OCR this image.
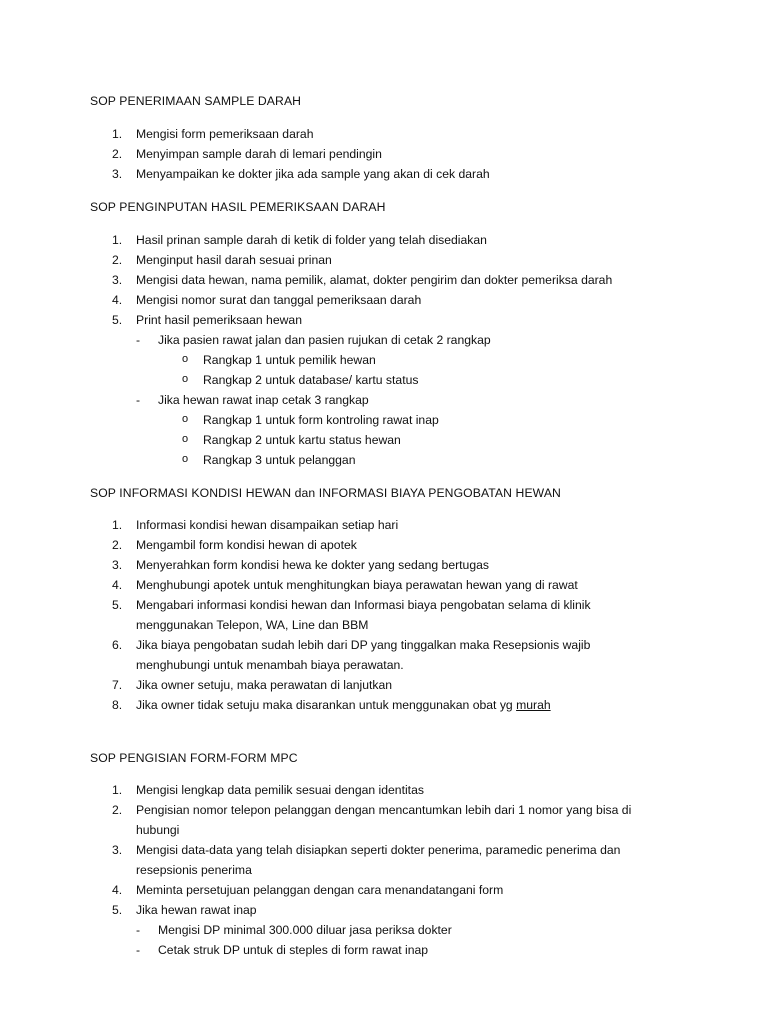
SOP PENERIMAAN SAMPLE DARAH
1. Mengisi form pemeriksaan darah
2. Menyimpan sample darah di lemari pendingin
3. Menyampaikan ke dokter jika ada sample yang akan di cek darah
SOP PENGINPUTAN HASIL PEMERIKSAAN DARAH
1. Hasil prinan sample darah di ketik di folder yang telah disediakan
2. Menginput hasil darah sesuai prinan
3. Mengisi data hewan, nama pemilik, alamat, dokter pengirim dan dokter pemeriksa darah
4. Mengisi nomor surat dan tanggal pemeriksaan darah
5. Print hasil pemeriksaan hewan
- Jika pasien rawat jalan dan pasien rujukan di cetak 2 rangkap
o Rangkap 1 untuk pemilik hewan
o Rangkap 2 untuk database/ kartu status
- Jika hewan rawat inap cetak 3 rangkap
o Rangkap 1 untuk form kontroling rawat inap
o Rangkap 2 untuk kartu status hewan
o Rangkap 3 untuk pelanggan
SOP INFORMASI KONDISI HEWAN dan INFORMASI BIAYA PENGOBATAN HEWAN
1. Informasi kondisi hewan disampaikan setiap hari
2. Mengambil form kondisi hewan di apotek
3. Menyerahkan form kondisi hewa ke dokter yang sedang bertugas
4. Menghubungi apotek untuk menghitungkan biaya perawatan hewan yang di rawat
5. Mengabari informasi kondisi hewan dan Informasi biaya pengobatan selama di klinik
menggunakan Telepon, WA, Line dan BBM
6. Jika biaya pengobatan sudah lebih dari DP yang tinggalkan maka Resepsionis wajib
menghubungi untuk menambah biaya perawatan.
7. Jika owner setuju, maka perawatan di lanjutkan
8. Jika owner tidak setuju maka disarankan untuk menggunakan obat yg murah
SOP PENGISIAN FORM-FORM MPC
1. Mengisi lengkap data pemilik sesuai dengan identitas
2. Pengisian nomor telepon pelanggan dengan mencantumkan lebih dari 1 nomor yang bisa di
hubungi
3. Mengisi data-data yang telah disiapkan seperti dokter penerima, paramedic penerima dan
resepsionis penerima
4. Meminta persetujuan pelanggan dengan cara menandatangani form
5. Jika hewan rawat inap
- Mengisi DP minimal 300.000 diluar jasa periksa dokter
- Cetak struk DP untuk di steples di form rawat inap
